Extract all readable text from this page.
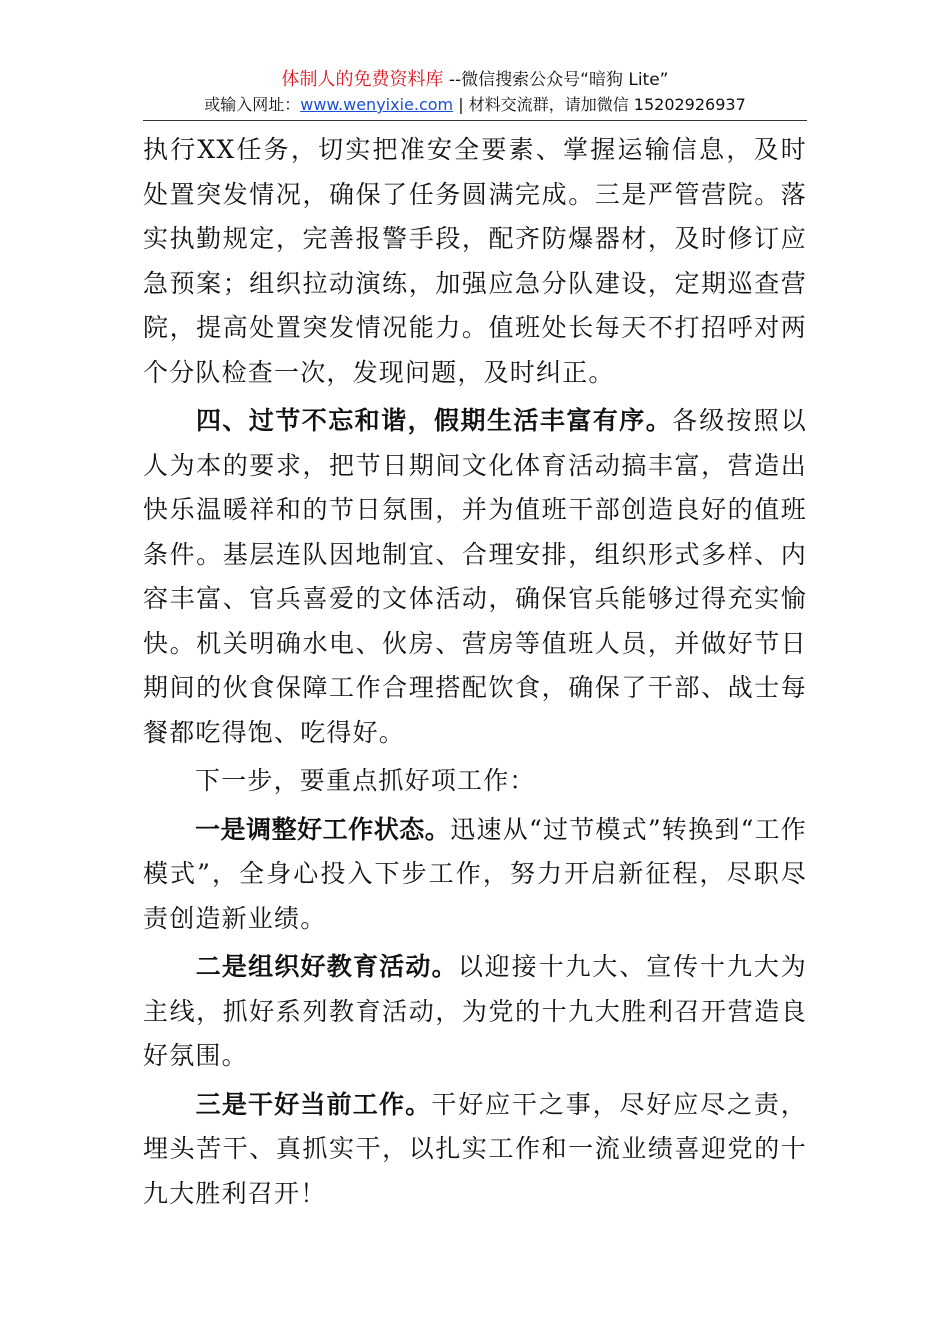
体制人的免费资料库 --微信搜索公众号“暗狗 Lite”
或输入网址：www.wenyixie.com | 材料交流群，请加微信 15202926937

执行XX任务，切实把准安全要素、掌握运输信息，及时处置突发情况，确保了任务圆满完成。三是严管营院。落实执勤规定，完善报警手段，配齐防爆器材，及时修订应急预案；组织拉动演练，加强应急分队建设，定期巡查营院，提高处置突发情况能力。值班处长每天不打招呼对两个分队检查一次，发现问题，及时纠正。

四、过节不忘和谐，假期生活丰富有序。各级按照以人为本的要求，把节日期间文化体育活动搞丰富，营造出快乐温暖祥和的节日氛围，并为值班干部创造良好的值班条件。基层连队因地制宜、合理安排，组织形式多样、内容丰富、官兵喜爱的文体活动，确保官兵能够过得充实愉快。机关明确水电、伙房、营房等值班人员，并做好节日期间的伙食保障工作合理搭配饮食，确保了干部、战士每餐都吃得饱、吃得好。

下一步，要重点抓好项工作：

一是调整好工作状态。迅速从“过节模式”转换到“工作模式”，全身心投入下步工作，努力开启新征程，尽职尽责创造新业绩。

二是组织好教育活动。以迎接十九大、宣传十九大为主线，抓好系列教育活动，为党的十九大胜利召开营造良好氛围。

三是干好当前工作。干好应干之事，尽好应尽之责，埋头苦干、真抓实干，以扎实工作和一流业绩喜迎党的十九大胜利召开！
